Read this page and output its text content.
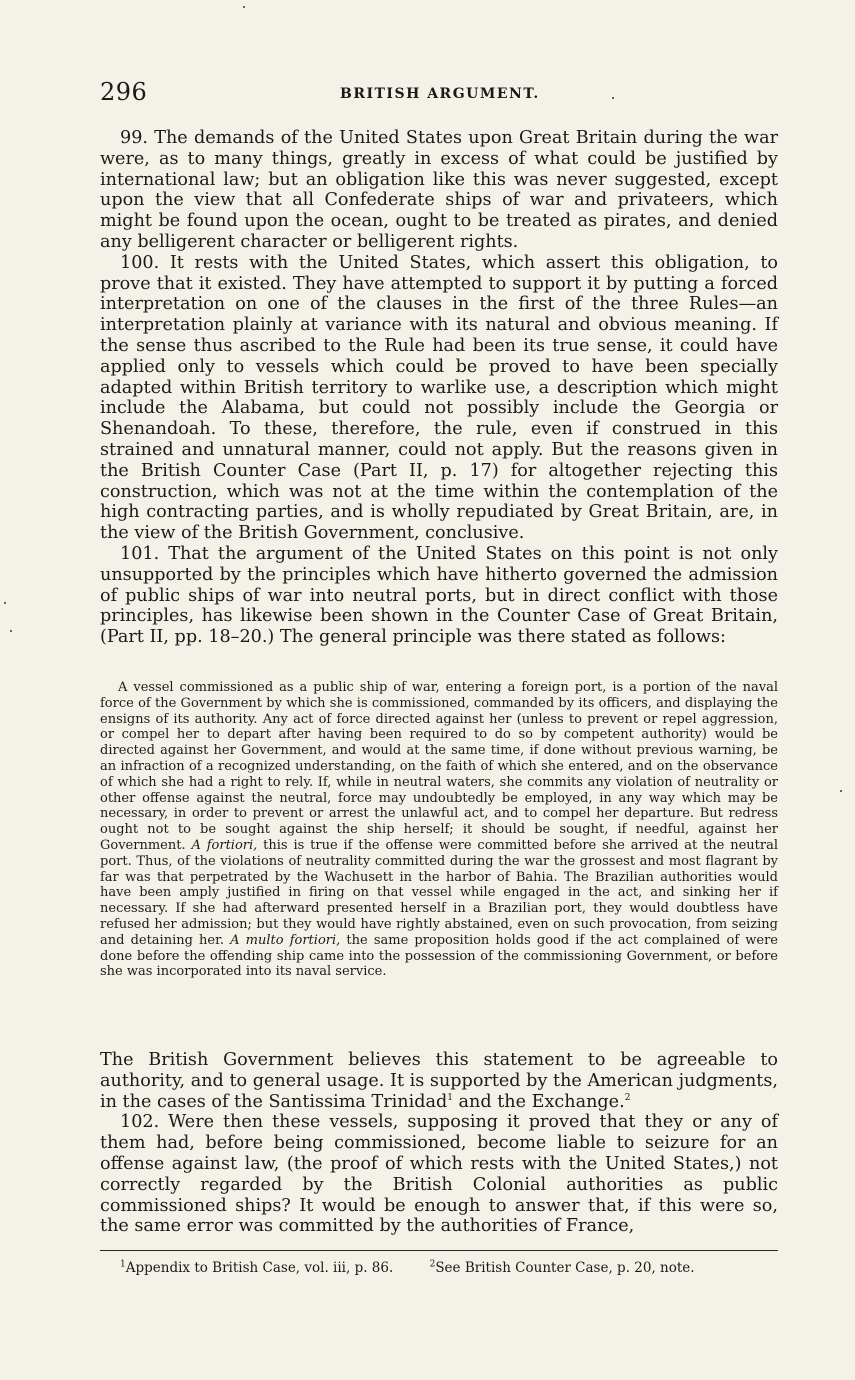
296	BRITISH ARGUMENT.

99. The demands of the United States upon Great Britain during the war were, as to many things, greatly in excess of what could be justified by international law; but an obligation like this was never suggested, except upon the view that all Confederate ships of war and privateers, which might be found upon the ocean, ought to be treated as pirates, and denied any belligerent character or belligerent rights.

100. It rests with the United States, which assert this obligation, to prove that it existed. They have attempted to support it by putting a forced interpretation on one of the clauses in the first of the three Rules—an interpretation plainly at variance with its natural and obvious meaning. If the sense thus ascribed to the Rule had been its true sense, it could have applied only to vessels which could be proved to have been specially adapted within British territory to warlike use, a description which might include the Alabama, but could not possibly include the Georgia or Shenandoah. To these, therefore, the rule, even if construed in this strained and unnatural manner, could not apply. But the reasons given in the British Counter Case (Part II, p. 17) for altogether rejecting this construction, which was not at the time within the contemplation of the high contracting parties, and is wholly repudiated by Great Britain, are, in the view of the British Government, conclusive.

101. That the argument of the United States on this point is not only unsupported by the principles which have hitherto governed the admission of public ships of war into neutral ports, but in direct conflict with those principles, has likewise been shown in the Counter Case of Great Britain, (Part II, pp. 18–20.) The general principle was there stated as follows:

A vessel commissioned as a public ship of war, entering a foreign port, is a portion of the naval force of the Government by which she is commissioned, commanded by its officers, and displaying the ensigns of its authority. Any act of force directed against her (unless to prevent or repel aggression, or compel her to depart after having been required to do so by competent authority) would be directed against her Government, and would at the same time, if done without previous warning, be an infraction of a recognized understanding, on the faith of which she entered, and on the observance of which she had a right to rely. If, while in neutral waters, she commits any violation of neutrality or other offense against the neutral, force may undoubtedly be employed, in any way which may be necessary, in order to prevent or arrest the unlawful act, and to compel her departure. But redress ought not to be sought against the ship herself; it should be sought, if needful, against her Government. A fortiori, this is true if the offense were committed before she arrived at the neutral port. Thus, of the violations of neutrality committed during the war the grossest and most flagrant by far was that perpetrated by the Wachusett in the harbor of Bahia. The Brazilian authorities would have been amply justified in firing on that vessel while engaged in the act, and sinking her if necessary. If she had afterward presented herself in a Brazilian port, they would doubtless have refused her admission; but they would have rightly abstained, even on such provocation, from seizing and detaining her. A multo fortiori, the same proposition holds good if the act complained of were done before the offending ship came into the possession of the commissioning Government, or before she was incorporated into its naval service.

The British Government believes this statement to be agreeable to authority, and to general usage. It is supported by the American judgments, in the cases of the Santissima Trinidad$^1$ and the Exchange.$^2$

102. Were then these vessels, supposing it proved that they or any of them had, before being commissioned, become liable to seizure for an offense against law, (the proof of which rests with the United States,) not correctly regarded by the British Colonial authorities as public commissioned ships? It would be enough to answer that, if this were so, the same error was committed by the authorities of France,

$^1$Appendix to British Case, vol. iii, p. 86.	$^2$See British Counter Case, p. 20, note.
